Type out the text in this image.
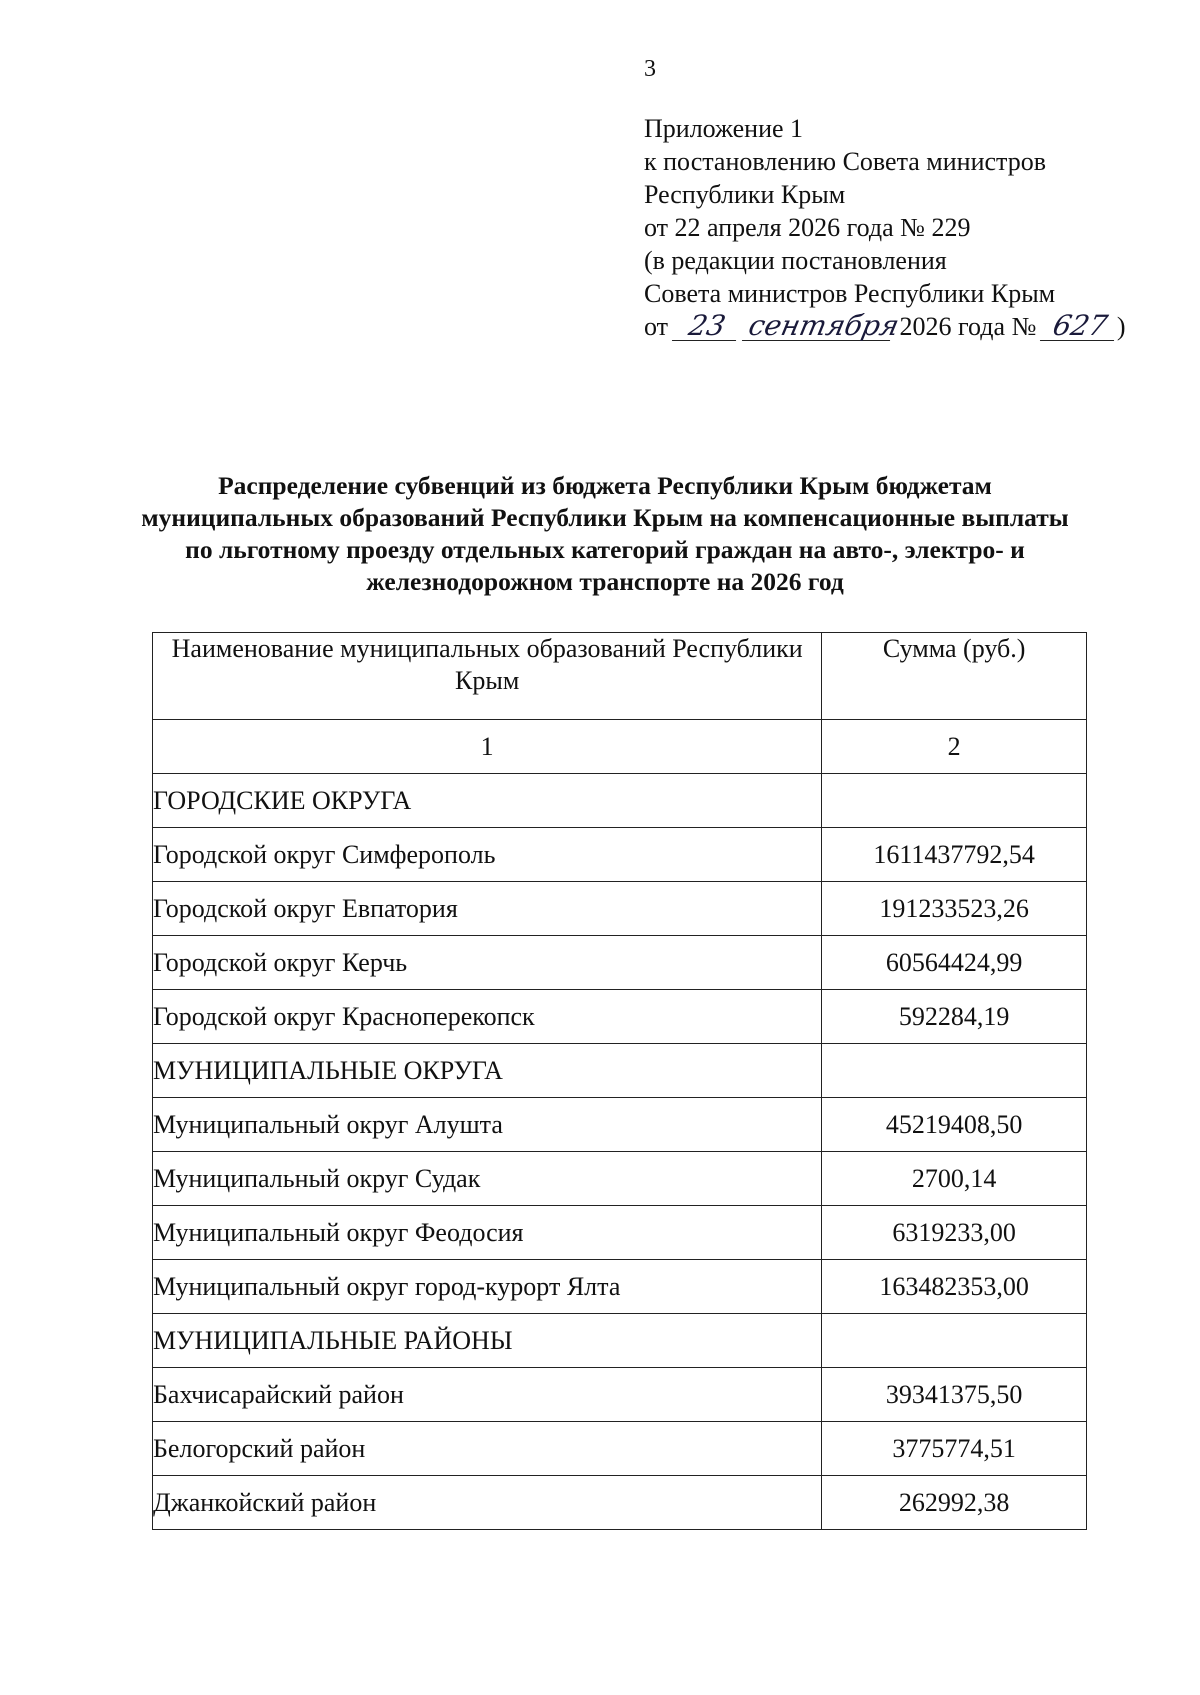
3
Приложение 1
к постановлению Совета министров
Республики Крым
от 22 апреля 2026 года № 229
(в редакции постановления
Совета министров Республики Крым
от 23 сентября 2026 года № 627 )
Распределение субвенций из бюджета Республики Крым бюджетам муниципальных образований Республики Крым на компенсационные выплаты по льготному проезду отдельных категорий граждан на авто-, электро- и железнодорожном транспорте на 2026 год
Наименование муниципальных образований Республики Крым	Сумма (руб.)
1	2
ГОРОДСКИЕ ОКРУГА	
Городской округ Симферополь	1611437792,54
Городской округ Евпатория	191233523,26
Городской округ Керчь	60564424,99
Городской округ Красноперекопск	592284,19
МУНИЦИПАЛЬНЫЕ ОКРУГА	
Муниципальный округ Алушта	45219408,50
Муниципальный округ Судак	2700,14
Муниципальный округ Феодосия	6319233,00
Муниципальный округ город-курорт Ялта	163482353,00
МУНИЦИПАЛЬНЫЕ РАЙОНЫ	
Бахчисарайский район	39341375,50
Белогорский район	3775774,51
Джанкойский район	262992,38
